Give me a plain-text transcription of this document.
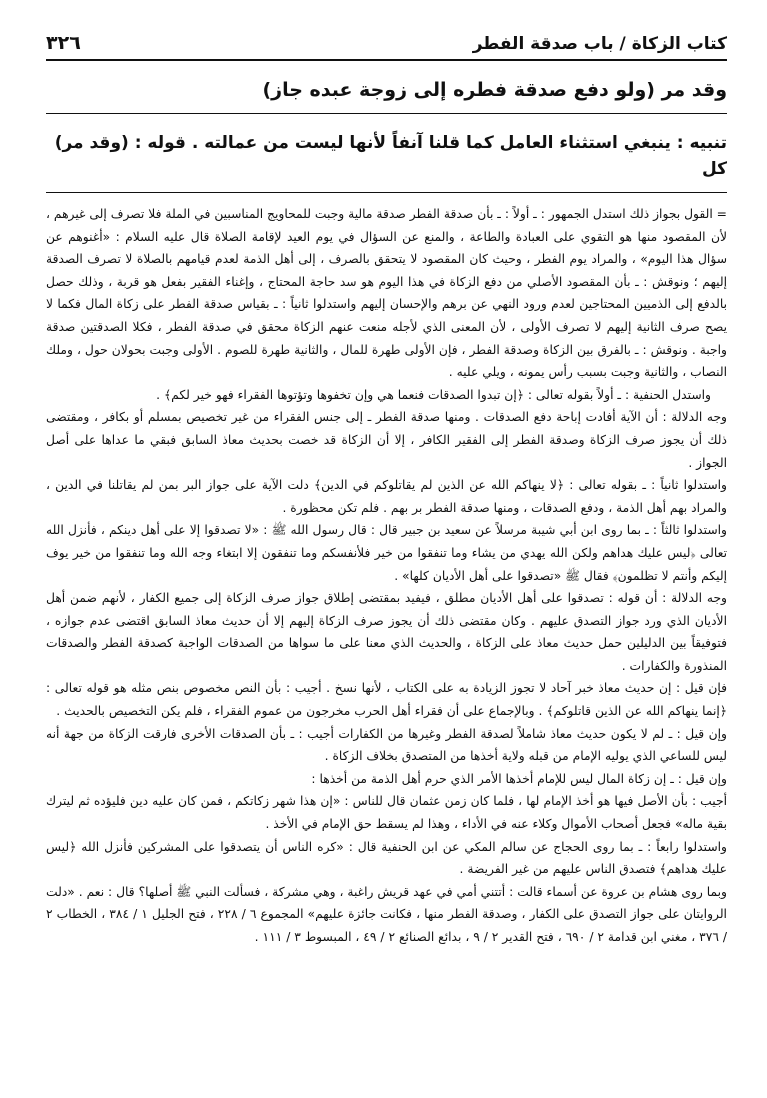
كتاب الزكاة / باب صدقة الفطر
٣٢٦
وقد مر (ولو دفع صدقة فطره إلى زوجة عبده جاز)
تنبيه : ينبغي استثناء العامل كما قلنا آنفاً لأنها ليست من عمالته . قوله : (وقد مر) كل

= القول بجواز ذلك استدل الجمهور : ـ أولاً : ـ بأن صدقة الفطر صدقة مالية وجبت للمحاويج المناسبين في الملة فلا تصرف إلى غيرهم ، لأن المقصود منها هو التقوي على العبادة والطاعة ، والمنع عن السؤال في يوم العيد لإقامة الصلاة قال عليه السلام : «أغنوهم عن سؤال هذا اليوم» ، والمراد يوم الفطر ، وحيث كان المقصود لا يتحقق بالصرف ، إلى أهل الذمة لعدم قيامهم بالصلاة لا تصرف الصدقة إليهم ؛ ونوقش : ـ بأن المقصود الأصلي من دفع الزكاة في هذا اليوم هو سد حاجة المحتاج ، وإغناء الفقير بفعل هو قربة ، وذلك حصل بالدفع إلى الذميين المحتاجين لعدم ورود النهي عن برهم والإحسان إليهم واستدلوا ثانياً : ـ بقياس صدقة الفطر على زكاة المال فكما لا يصح صرف الثانية إليهم لا تصرف الأولى ، لأن المعنى الذي لأجله منعت عنهم الزكاة محقق في صدقة الفطر ، فكلا الصدقتين صدقة واجبة . ونوقش : ـ بالفرق بين الزكاة وصدقة الفطر ، فإن الأولى طهرة للمال ، والثانية طهرة للصوم . الأولى وجبت بحولان حول ، وملك النصاب ، والثانية وجبت بسبب رأس يمونه ، ويلي عليه .

واستدل الحنفية : ـ أولاً بقوله تعالى : ﴿إن تبدوا الصدقات فنعما هي وإن تخفوها وتؤتوها الفقراء فهو خير لكم﴾ .

وجه الدلالة : أن الآية أفادت إباحة دفع الصدقات . ومنها صدقة الفطر ـ إلى جنس الفقراء من غير تخصيص بمسلم أو بكافر ، ومقتضى ذلك أن يجوز صرف الزكاة وصدقة الفطر إلى الفقير الكافر ، إلا أن الزكاة قد خصت بحديث معاذ السابق فبقي ما عداها على أصل الجواز .

واستدلوا ثانياً : ـ بقوله تعالى : ﴿لا ينهاكم الله عن الذين لم يقاتلوكم في الدين﴾ دلت الآية على جواز البر بمن لم يقاتلنا في الدين ، والمراد بهم أهل الذمة ، ودفع الصدقات ، ومنها صدقة الفطر بر بهم . فلم تكن محظورة .

واستدلوا ثالثاً : ـ بما روى ابن أبي شيبة مرسلاً عن سعيد بن جبير قال : قال رسول الله ﷺ : «لا تصدقوا إلا على أهل دينكم ، فأنزل الله تعالى ﴿ليس عليك هداهم ولكن الله يهدي من يشاء وما تنفقوا من خير فلأنفسكم وما تنفقون إلا ابتغاء وجه الله وما تنفقوا من خير يوف إليكم وأنتم لا تظلمون﴾ فقال ﷺ «تصدقوا على أهل الأديان كلها» .

وجه الدلالة : أن قوله : تصدقوا على أهل الأديان مطلق ، فيفيد بمقتضى إطلاق جواز صرف الزكاة إلى جميع الكفار ، لأنهم ضمن أهل الأديان الذي ورد جواز التصدق عليهم . وكان مقتضى ذلك أن يجوز صرف الزكاة إليهم إلا أن حديث معاذ السابق اقتضى عدم جوازه ، فتوفيقاً بين الدليلين حمل حديث معاذ على الزكاة ، والحديث الذي معنا على ما سواها من الصدقات الواجبة كصدقة الفطر والصدقات المنذورة والكفارات .

فإن قيل : إن حديث معاذ خبر آحاد لا تجوز الزيادة به على الكتاب ، لأنها نسخ . أجيب : بأن النص مخصوص بنص مثله هو قوله تعالى : ﴿إنما ينهاكم الله عن الذين قاتلوكم﴾ . وبالإجماع على أن فقراء أهل الحرب مخرجون من عموم الفقراء ، فلم يكن التخصيص بالحديث .

وإن قيل : ـ لم لا يكون حديث معاذ شاملاً لصدقة الفطر وغيرها من الكفارات أجيب : ـ بأن الصدقات الأخرى فارقت الزكاة من جهة أنه ليس للساعي الذي يوليه الإمام من قبله ولاية أخذها من المتصدق بخلاف الزكاة .

وإن قيل : ـ إن زكاة المال ليس للإمام أخذها الأمر الذي حرم أهل الذمة من أخذها :

أجيب : بأن الأصل فيها هو أخذ الإمام لها ، فلما كان زمن عثمان قال للناس : «إن هذا شهر زكاتكم ، فمن كان عليه دين فليؤده ثم ليترك بقية ماله» فجعل أصحاب الأموال وكلاء عنه في الأداء ، وهذا لم يسقط حق الإمام في الأخذ .

واستدلوا رابعاً : ـ بما روى الحجاج عن سالم المكي عن ابن الحنفية قال : «كره الناس أن يتصدقوا على المشركين فأنزل الله ﴿ليس عليك هداهم﴾ فتصدق الناس عليهم من غير الفريضة .

وبما روى هشام بن عروة عن أسماء قالت : أتتني أمي في عهد قريش راغبة ، وهي مشركة ، فسألت النبي ﷺ أصلها؟ قال : نعم . «دلت الروايتان على جواز التصدق على الكفار ، وصدقة الفطر منها ، فكانت جائزة عليهم» المجموع ٦ / ٢٢٨ ، فتح الجليل ١ / ٣٨٤ ، الخطاب ٢ / ٣٧٦ ، مغني ابن قدامة ٢ / ٦٩٠ ، فتح القدير ٢ / ٩ ، بدائع الصنائع ٢ / ٤٩ ، المبسوط ٣ / ١١١ .
